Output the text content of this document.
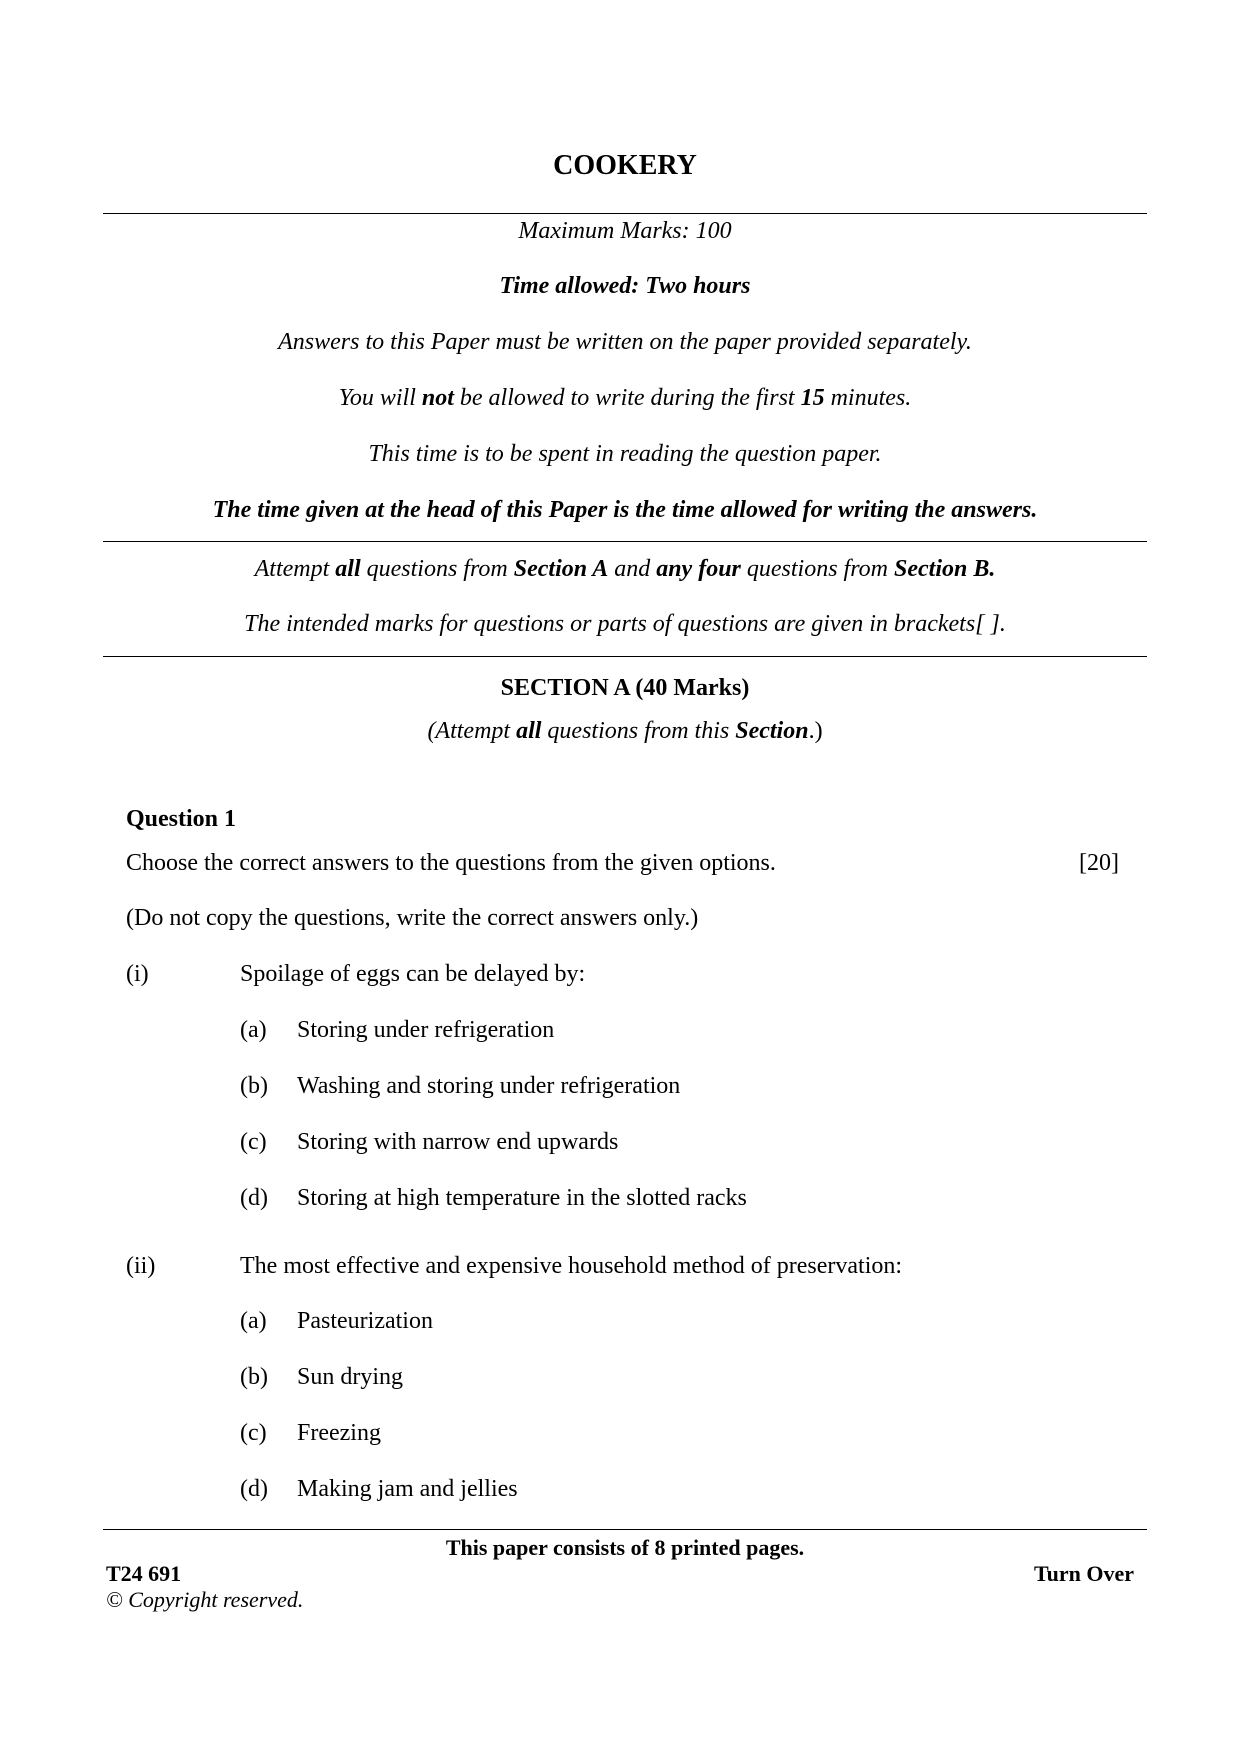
COOKERY
Maximum Marks: 100
Time allowed: Two hours
Answers to this Paper must be written on the paper provided separately.
You will not be allowed to write during the first 15 minutes.
This time is to be spent in reading the question paper.
The time given at the head of this Paper is the time allowed for writing the answers.
Attempt all questions from Section A and any four questions from Section B.
The intended marks for questions or parts of questions are given in brackets[ ].
SECTION A (40 Marks)
(Attempt all questions from this Section.)
Question 1
Choose the correct answers to the questions from the given options.	[20]
(Do not copy the questions, write the correct answers only.)
(i)	Spoilage of eggs can be delayed by:
(a) Storing under refrigeration
(b) Washing and storing under refrigeration
(c) Storing with narrow end upwards
(d) Storing at high temperature in the slotted racks
(ii)	The most effective and expensive household method of preservation:
(a) Pasteurization
(b) Sun drying
(c) Freezing
(d) Making jam and jellies
This paper consists of 8 printed pages.
T24 691	Turn Over
© Copyright reserved.
